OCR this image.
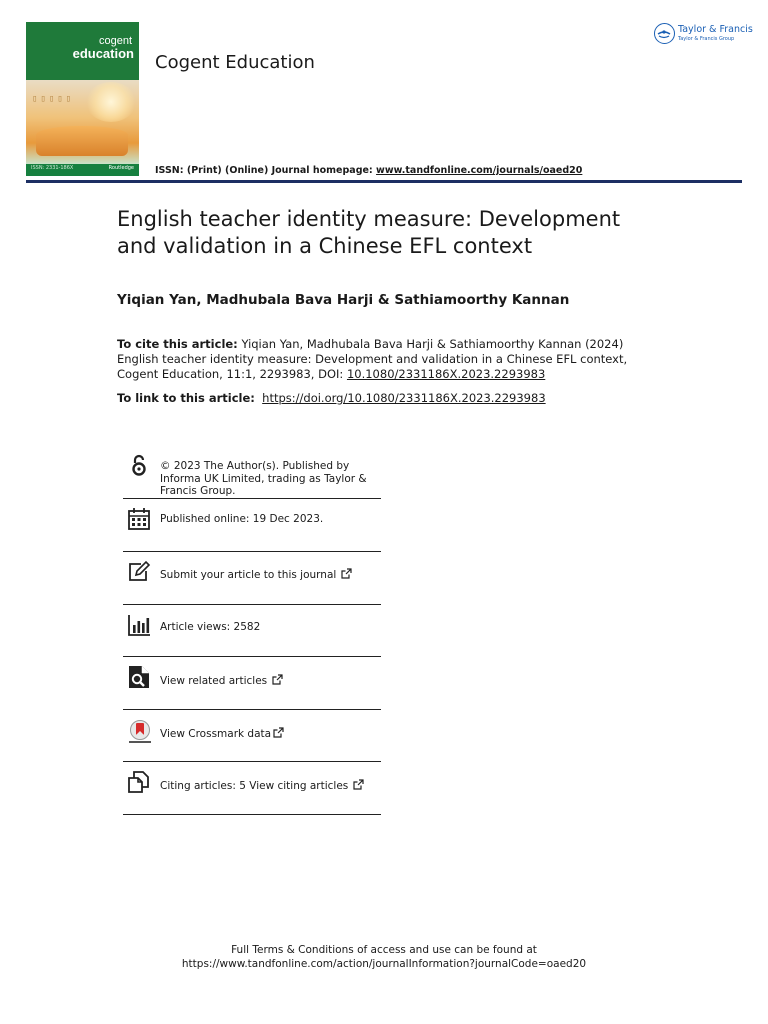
▯▯▯▯▯
cogent
education
ISSN: 2331-186X	Routledge
Cogent Education
ISSN: (Print) (Online) Journal homepage: www.tandfonline.com/journals/oaed20
Taylor & Francis
Taylor & Francis Group
English teacher identity measure: Development and validation in a Chinese EFL context
Yiqian Yan, Madhubala Bava Harji & Sathiamoorthy Kannan
To cite this article: Yiqian Yan, Madhubala Bava Harji & Sathiamoorthy Kannan (2024) English teacher identity measure: Development and validation in a Chinese EFL context, Cogent Education, 11:1, 2293983, DOI: 10.1080/2331186X.2023.2293983
To link to this article: https://doi.org/10.1080/2331186X.2023.2293983
© 2023 The Author(s). Published by Informa UK Limited, trading as Taylor & Francis Group.
Published online: 19 Dec 2023.
Submit your article to this journal
Article views: 2582
View related articles
View Crossmark data
Citing articles: 5 View citing articles
Full Terms & Conditions of access and use can be found at
https://www.tandfonline.com/action/journalInformation?journalCode=oaed20
